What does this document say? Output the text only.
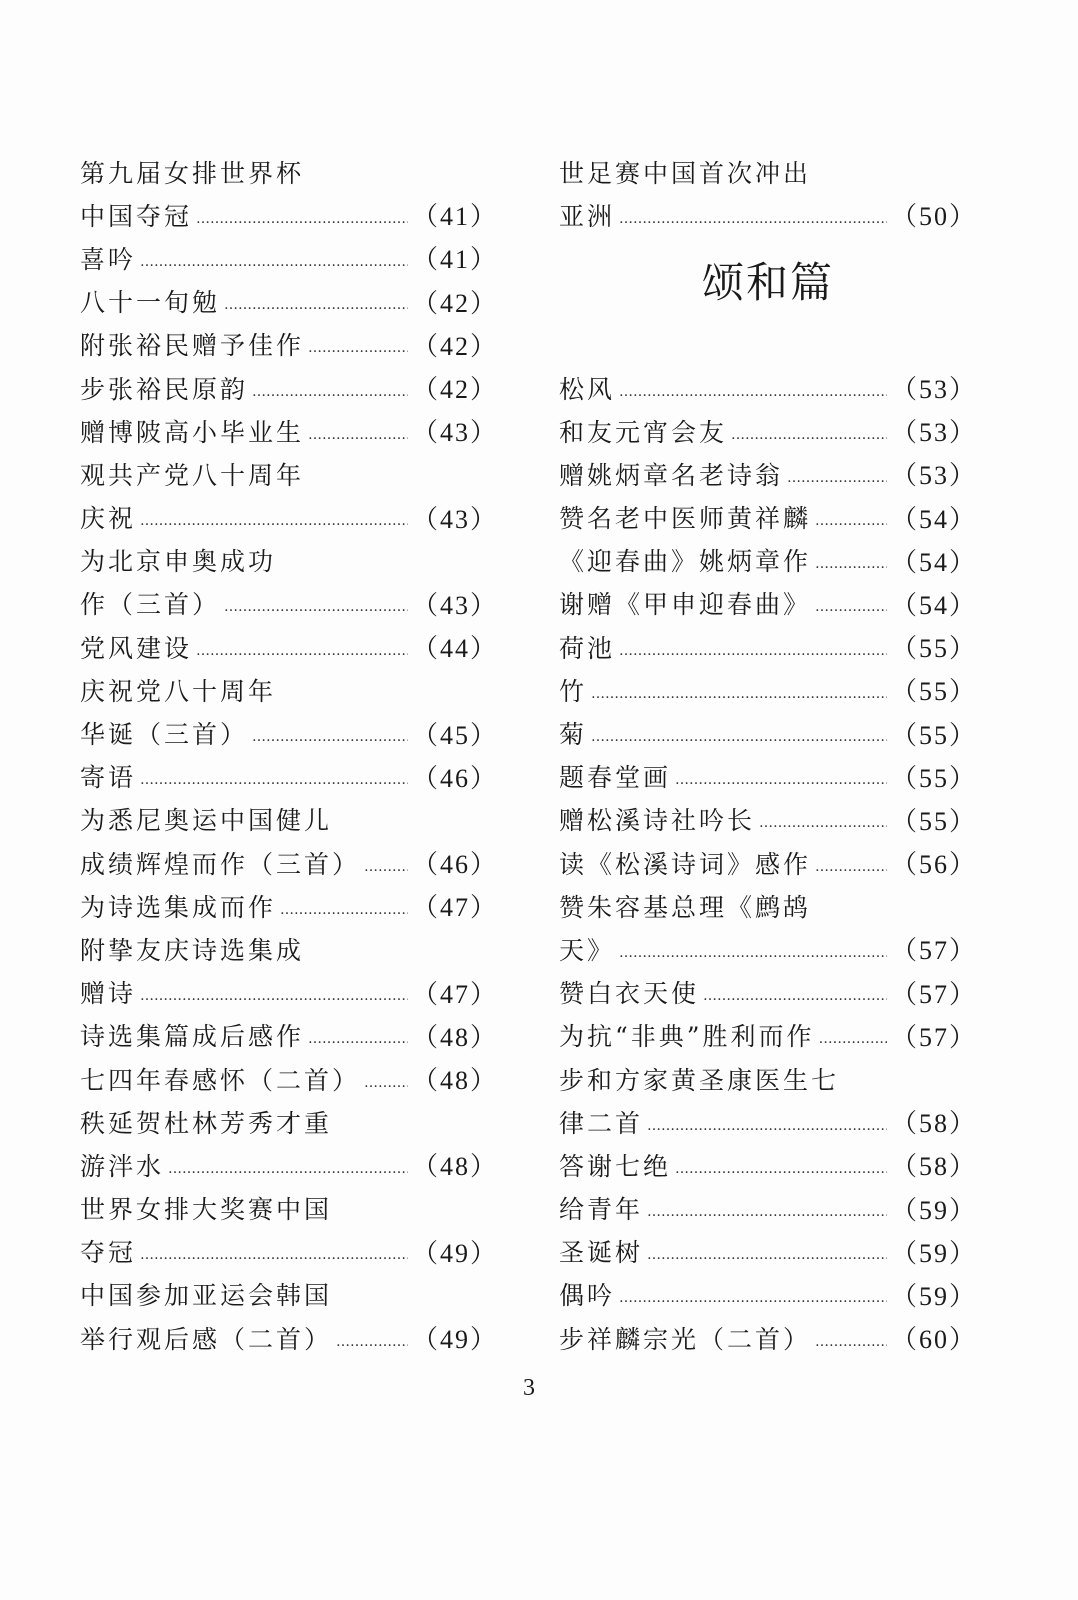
第九届女排世界杯
中国夺冠 ………………………………………………………………………………………………	（41）
喜吟 ………………………………………………………………………………………………	（41）
八十一旬勉 ………………………………………………………………………………………………	（42）
附张裕民赠予佳作 ………………………………………………………………………………………………	（42）
步张裕民原韵 ………………………………………………………………………………………………	（42）
赠博陂高小毕业生 ………………………………………………………………………………………………	（43）
观共产党八十周年
庆祝 ………………………………………………………………………………………………	（43）
为北京申奥成功
作（三首） ………………………………………………………………………………………………	（43）
党风建设 ………………………………………………………………………………………………	（44）
庆祝党八十周年
华诞（三首） ………………………………………………………………………………………………	（45）
寄语 ………………………………………………………………………………………………	（46）
为悉尼奥运中国健儿
成绩辉煌而作（三首） ……………………………………………………………………………………………… （46）
为诗选集成而作 ………………………………………………………………………………………………	（47）
附挚友庆诗选集成
赠诗 ………………………………………………………………………………………………	（47）
诗选集篇成后感作 ………………………………………………………………………………………………	（48）
七四年春感怀（二首） ……………………………………………………………………………………………… （48）
秩延贺杜林芳秀才重
游泮水 ………………………………………………………………………………………………	（48）
世界女排大奖赛中国
夺冠 ………………………………………………………………………………………………	（49）
中国参加亚运会韩国
举行观后感（二首） ………………………………………………………………………………………………	（49）
世足赛中国首次冲出
亚洲 ………………………………………………………………………………………………	（50）
颂和篇
松风 ………………………………………………………………………………………………	（53）
和友元宵会友 ………………………………………………………………………………………………	（53）
赠姚炳章名老诗翁 ………………………………………………………………………………………………	（53）
赞名老中医师黄祥麟 ………………………………………………………………………………………………	（54）
《迎春曲》姚炳章作 ………………………………………………………………………………………………	（54）
谢赠《甲申迎春曲》 ………………………………………………………………………………………………	（54）
荷池 ………………………………………………………………………………………………	（55）
竹 ………………………………………………………………………………………………	（55）
菊 ………………………………………………………………………………………………	（55）
题春堂画 ………………………………………………………………………………………………	（55）
赠松溪诗社吟长 ………………………………………………………………………………………………	（55）
读《松溪诗词》感作 ………………………………………………………………………………………………	（56）
赞朱容基总理《鹧鸪
天》 ………………………………………………………………………………………………	（57）
赞白衣天使 ………………………………………………………………………………………………	（57）
为抗“非典”胜利而作 ………………………………………………………………………………………………	（57）
步和方家黄圣康医生七
律二首 ………………………………………………………………………………………………	（58）
答谢七绝 ………………………………………………………………………………………………	（58）
给青年 ………………………………………………………………………………………………	（59）
圣诞树 ………………………………………………………………………………………………	（59）
偶吟 ………………………………………………………………………………………………	（59）
步祥麟宗光（二首） ………………………………………………………………………………………………	（60）
3
